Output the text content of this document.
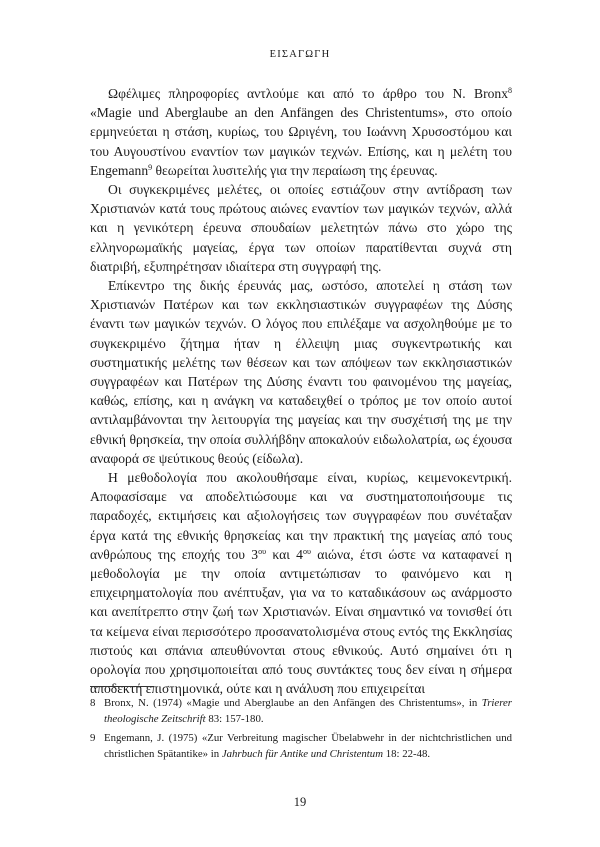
ΕΙΣΑΓΩΓΗ

Ωφέλιμες πληροφορίες αντλούμε και από το άρθρο του Ν. Bronx$^8$ «Magie und Aberglaube an den Anfängen des Christentums», στο οποίο ερμηνεύεται η στάση, κυρίως, του Ωριγένη, του Ιωάννη Χρυσοστόμου και του Αυγουστίνου εναντίον των μαγικών τεχνών. Επίσης, και η μελέτη του Engemann$^9$ θεωρείται λυσιτελής για την περαίωση της έρευνας.

Οι συγκεκριμένες μελέτες, οι οποίες εστιάζουν στην αντίδραση των Χριστιανών κατά τους πρώτους αιώνες εναντίον των μαγικών τεχνών, αλλά και η γενικότερη έρευνα σπουδαίων μελετητών πάνω στο χώρο της ελληνορωμαϊκής μαγείας, έργα των οποίων παρατίθενται συχνά στη διατριβή, εξυπηρέτησαν ιδιαίτερα στη συγγραφή της.

Επίκεντρο της δικής έρευνάς μας, ωστόσο, αποτελεί η στάση των Χριστιανών Πατέρων και των εκκλησιαστικών συγγραφέων της Δύσης έναντι των μαγικών τεχνών. Ο λόγος που επιλέξαμε να ασχοληθούμε με το συγκεκριμένο ζήτημα ήταν η έλλειψη μιας συγκεντρωτικής και συστηματικής μελέτης των θέσεων και των απόψεων των εκκλησιαστικών συγγραφέων και Πατέρων της Δύσης έναντι του φαινομένου της μαγείας, καθώς, επίσης, και η ανάγκη να καταδειχθεί ο τρόπος με τον οποίο αυτοί αντιλαμβάνονται την λειτουργία της μαγείας και την συσχέτισή της με την εθνική θρησκεία, την οποία συλλήβδην αποκαλούν ειδωλολατρία, ως έχουσα αναφορά σε ψεύτικους θεούς (είδωλα).

Η μεθοδολογία που ακολουθήσαμε είναι, κυρίως, κειμενοκεντρική. Αποφασίσαμε να αποδελτιώσουμε και να συστηματοποιήσουμε τις παραδοχές, εκτιμήσεις και αξιολογήσεις των συγγραφέων που συνέταξαν έργα κατά της εθνικής θρησκείας και την πρακτική της μαγείας από τους ανθρώπους της εποχής του $3^{o\upsilon}$ και $4^{o\upsilon}$ αιώνα, έτσι ώστε να καταφανεί η μεθοδολογία με την οποία αντιμετώπισαν το φαινόμενο και η επιχειρηματολογία που ανέπτυξαν, για να το καταδικάσουν ως ανάρμοστο και ανεπίτρεπτο στην ζωή των Χριστιανών. Είναι σημαντικό να τονισθεί ότι τα κείμενα είναι περισσότερο προσανατολισμένα στους εντός της Εκκλησίας πιστούς και σπάνια απευθύνονται στους εθνικούς. Αυτό σημαίνει ότι η ορολογία που χρησιμοποιείται από τους συντάκτες τους δεν είναι η σήμερα αποδεκτή επιστημονικά, ούτε και η ανάλυση που επιχειρείται

8 Bronx, N. (1974) «Magie und Aberglaube an den Anfängen des Christentums», in Trierer theologische Zeitschrift 83: 157-180.

9 Engemann, J. (1975) «Zur Verbreitung magischer Übelabwehr in der nichtchristlichen und christlichen Spätantike» in Jahrbuch für Antike und Christentum 18: 22-48.

19
